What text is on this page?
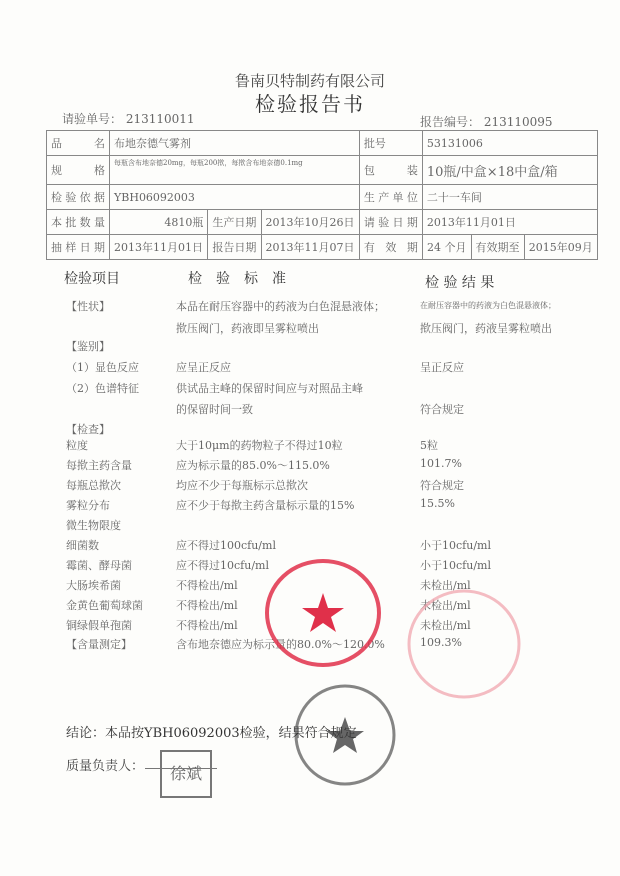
鲁南贝特制药有限公司
检验报告书
请验单号： 213110011	报告编号： 213110095
品　名	布地奈德气雾剂			批号	53131006		
规　格	每瓶含布地奈德20mg，每瓶200揿，每揿含布地奈德0.1mg			包　装	10瓶/中盒×18中盒/箱		
检验依据	YBH06092003			生产单位	二十一车间		
本批数量	4810瓶	生产日期	2013年10月26日	请验日期	2013年11月01日		
抽样日期	2013年11月01日	报告日期	2013年11月07日	有 效 期	24 个月	有效期至	2015年09月
检验项目	检　验　标　准	检 验 结 果
【性状】	本品在耐压容器中的药液为白色混悬液体；	在耐压容器中的药液为白色混悬液体；
揿压阀门，药液即呈雾粒喷出	揿压阀门，药液呈雾粒喷出
【鉴别】
（1）显色反应	应呈正反应	呈正反应
（2）色谱特征	供试品主峰的保留时间应与对照品主峰
的保留时间一致	符合规定
【检查】
粒度	大于10μm的药物粒子不得过10粒	5粒
每揿主药含量	应为标示量的85.0%～115.0%	101.7%
每瓶总揿次	均应不少于每瓶标示总揿次	符合规定
雾粒分布	应不少于每揿主药含量标示量的15%	15.5%
微生物限度
细菌数	应不得过100cfu/ml	小于10cfu/ml
霉菌、酵母菌	应不得过10cfu/ml	小于10cfu/ml
大肠埃希菌	不得检出/ml	未检出/ml
金黄色葡萄球菌	不得检出/ml	未检出/ml
铜绿假单孢菌	不得检出/ml	未检出/ml
【含量测定】	含布地奈德应为标示量的80.0%～120.0%	109.3%
结论：本品按YBH06092003检验，结果符合规定
质量负责人：	徐斌
